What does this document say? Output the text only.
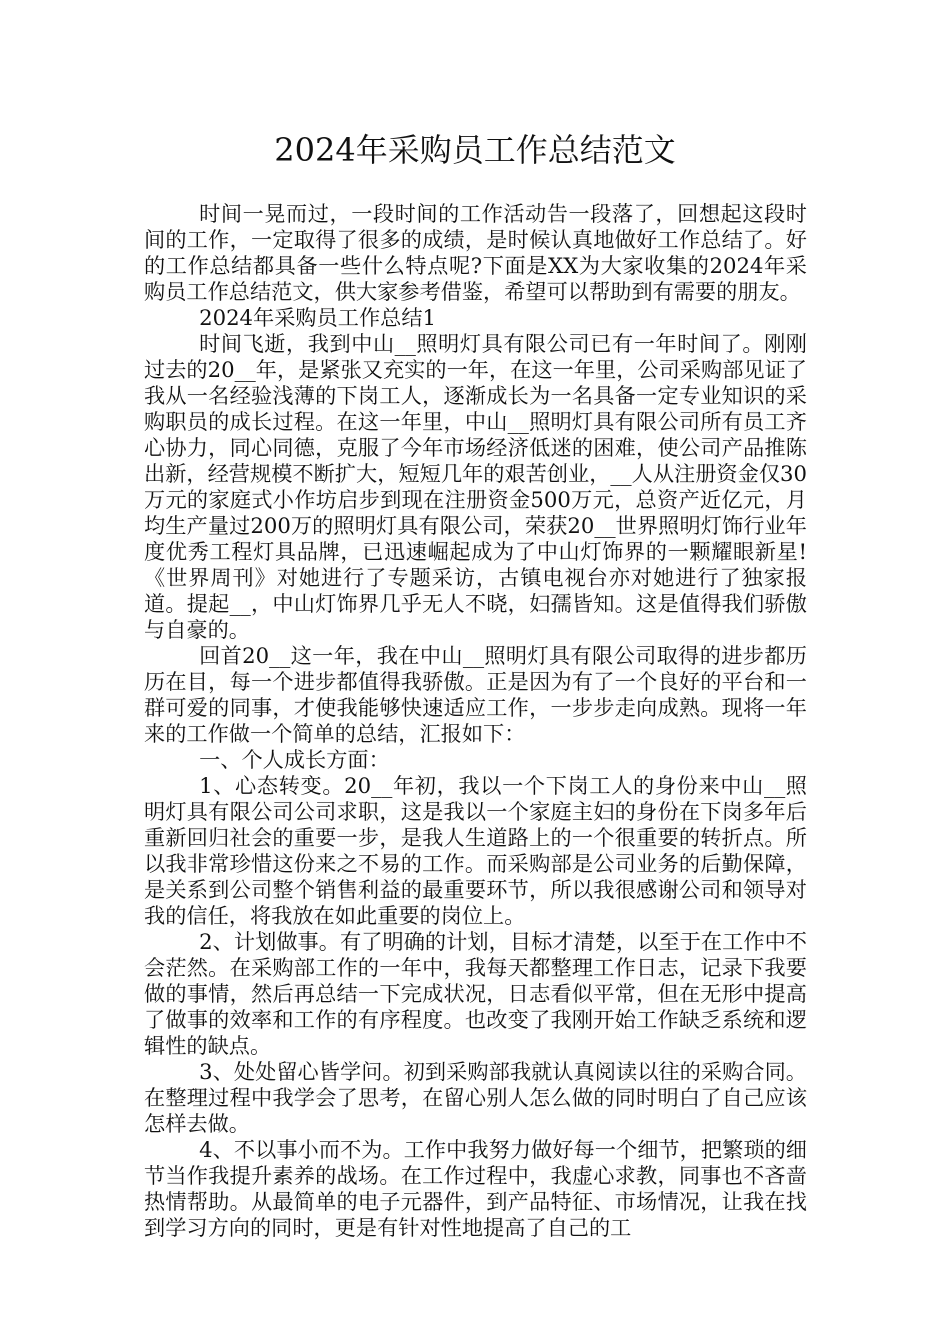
2024年采购员工作总结范文

时间一晃而过，一段时间的工作活动告一段落了，回想起这段时间的工作，一定取得了很多的成绩，是时候认真地做好工作总结了。好的工作总结都具备一些什么特点呢?下面是XX为大家收集的2024年采购员工作总结范文，供大家参考借鉴，希望可以帮助到有需要的朋友。

2024年采购员工作总结1

时间飞逝，我到中山__照明灯具有限公司已有一年时间了。刚刚过去的20__年，是紧张又充实的一年，在这一年里，公司采购部见证了我从一名经验浅薄的下岗工人，逐渐成长为一名具备一定专业知识的采购职员的成长过程。在这一年里，中山__照明灯具有限公司所有员工齐心协力，同心同德，克服了今年市场经济低迷的困难，使公司产品推陈出新，经营规模不断扩大，短短几年的艰苦创业，__人从注册资金仅30万元的家庭式小作坊启步到现在注册资金500万元，总资产近亿元，月均生产量过200万的照明灯具有限公司，荣获20__世界照明灯饰行业年度优秀工程灯具品牌，已迅速崛起成为了中山灯饰界的一颗耀眼新星!《世界周刊》对她进行了专题采访，古镇电视台亦对她进行了独家报道。提起__，中山灯饰界几乎无人不晓，妇孺皆知。这是值得我们骄傲与自豪的。

回首20__这一年，我在中山__照明灯具有限公司取得的进步都历历在目，每一个进步都值得我骄傲。正是因为有了一个良好的平台和一群可爱的同事，才使我能够快速适应工作，一步步走向成熟。现将一年来的工作做一个简单的总结，汇报如下：

一、个人成长方面：

1、心态转变。20__年初，我以一个下岗工人的身份来中山__照明灯具有限公司公司求职，这是我以一个家庭主妇的身份在下岗多年后重新回归社会的重要一步，是我人生道路上的一个很重要的转折点。所以我非常珍惜这份来之不易的工作。而采购部是公司业务的后勤保障，是关系到公司整个销售利益的最重要环节，所以我很感谢公司和领导对我的信任，将我放在如此重要的岗位上。

2、计划做事。有了明确的计划，目标才清楚，以至于在工作中不会茫然。在采购部工作的一年中，我每天都整理工作日志，记录下我要做的事情，然后再总结一下完成状况，日志看似平常，但在无形中提高了做事的效率和工作的有序程度。也改变了我刚开始工作缺乏系统和逻辑性的缺点。

3、处处留心皆学问。初到采购部我就认真阅读以往的采购合同。在整理过程中我学会了思考，在留心别人怎么做的同时明白了自己应该怎样去做。

4、不以事小而不为。工作中我努力做好每一个细节，把繁琐的细节当作我提升素养的战场。在工作过程中，我虚心求教，同事也不吝啬热情帮助。从最简单的电子元器件，到产品特征、市场情况，让我在找到学习方向的同时，更是有针对性地提高了自己的工
